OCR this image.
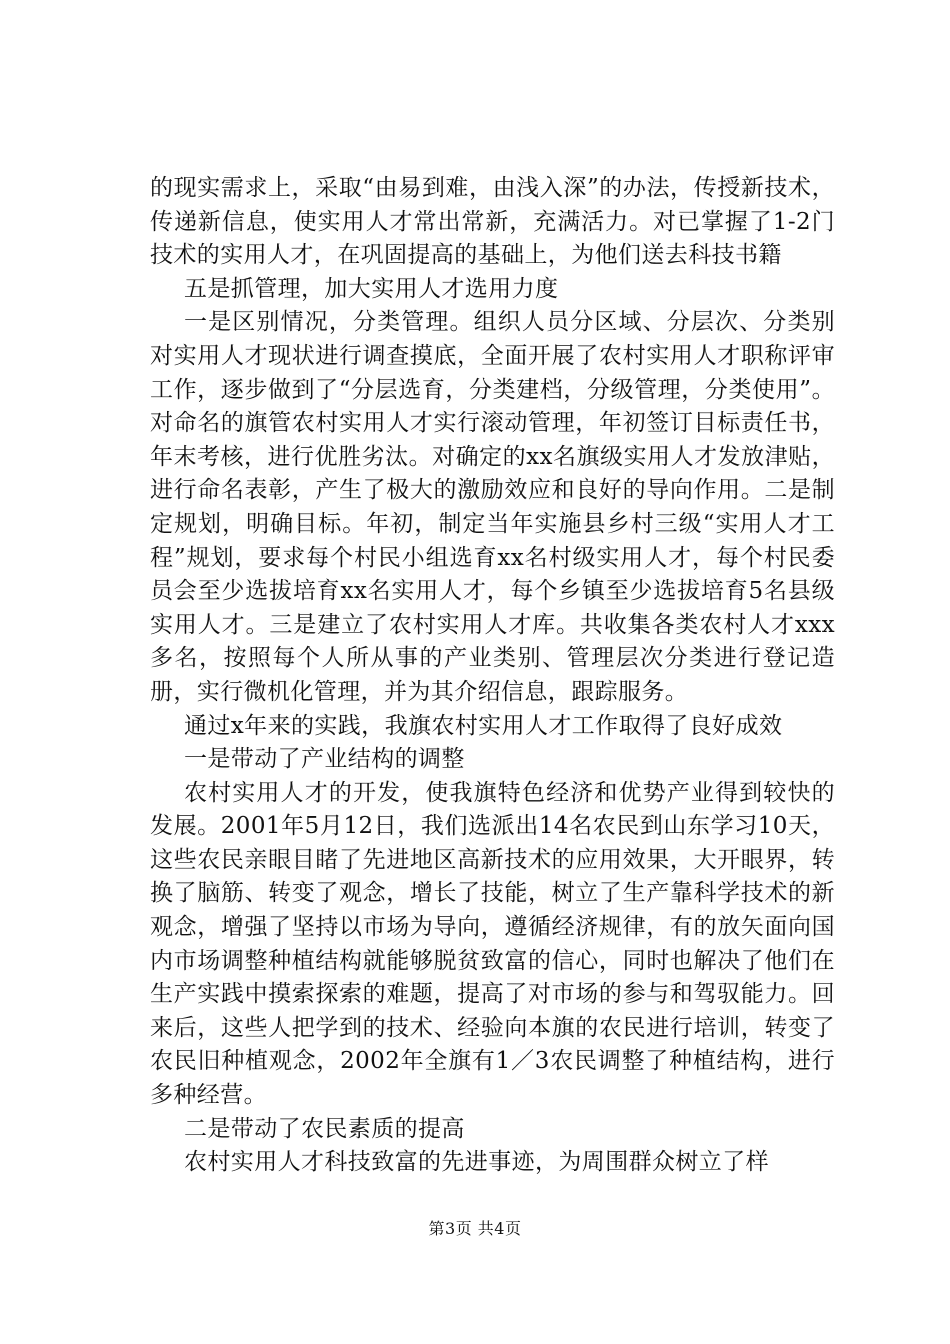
的现实需求上，采取“由易到难，由浅入深”的办法，传授新技术，传递新信息，使实用人才常出常新，充满活力。对已掌握了1-2门技术的实用人才，在巩固提高的基础上，为他们送去科技书籍

五是抓管理，加大实用人才选用力度

一是区别情况，分类管理。组织人员分区域、分层次、分类别对实用人才现状进行调查摸底，全面开展了农村实用人才职称评审工作，逐步做到了“分层选育，分类建档，分级管理，分类使用”。对命名的旗管农村实用人才实行滚动管理，年初签订目标责任书，年末考核，进行优胜劣汰。对确定的xx名旗级实用人才发放津贴，进行命名表彰，产生了极大的激励效应和良好的导向作用。二是制定规划，明确目标。年初，制定当年实施县乡村三级“实用人才工程”规划，要求每个村民小组选育xx名村级实用人才，每个村民委员会至少选拔培育xx名实用人才，每个乡镇至少选拔培育5名县级实用人才。三是建立了农村实用人才库。共收集各类农村人才xxx多名，按照每个人所从事的产业类别、管理层次分类进行登记造册，实行微机化管理，并为其介绍信息，跟踪服务。

通过x年来的实践，我旗农村实用人才工作取得了良好成效

一是带动了产业结构的调整

农村实用人才的开发，使我旗特色经济和优势产业得到较快的发展。2001年5月12日，我们选派出14名农民到山东学习10天，这些农民亲眼目睹了先进地区高新技术的应用效果，大开眼界，转换了脑筋、转变了观念，增长了技能，树立了生产靠科学技术的新观念，增强了坚持以市场为导向，遵循经济规律，有的放矢面向国内市场调整种植结构就能够脱贫致富的信心，同时也解决了他们在生产实践中摸索探索的难题，提高了对市场的参与和驾驭能力。回来后，这些人把学到的技术、经验向本旗的农民进行培训，转变了农民旧种植观念，2002年全旗有1／3农民调整了种植结构，进行多种经营。

二是带动了农民素质的提高

农村实用人才科技致富的先进事迹，为周围群众树立了样

第3页 共4页
